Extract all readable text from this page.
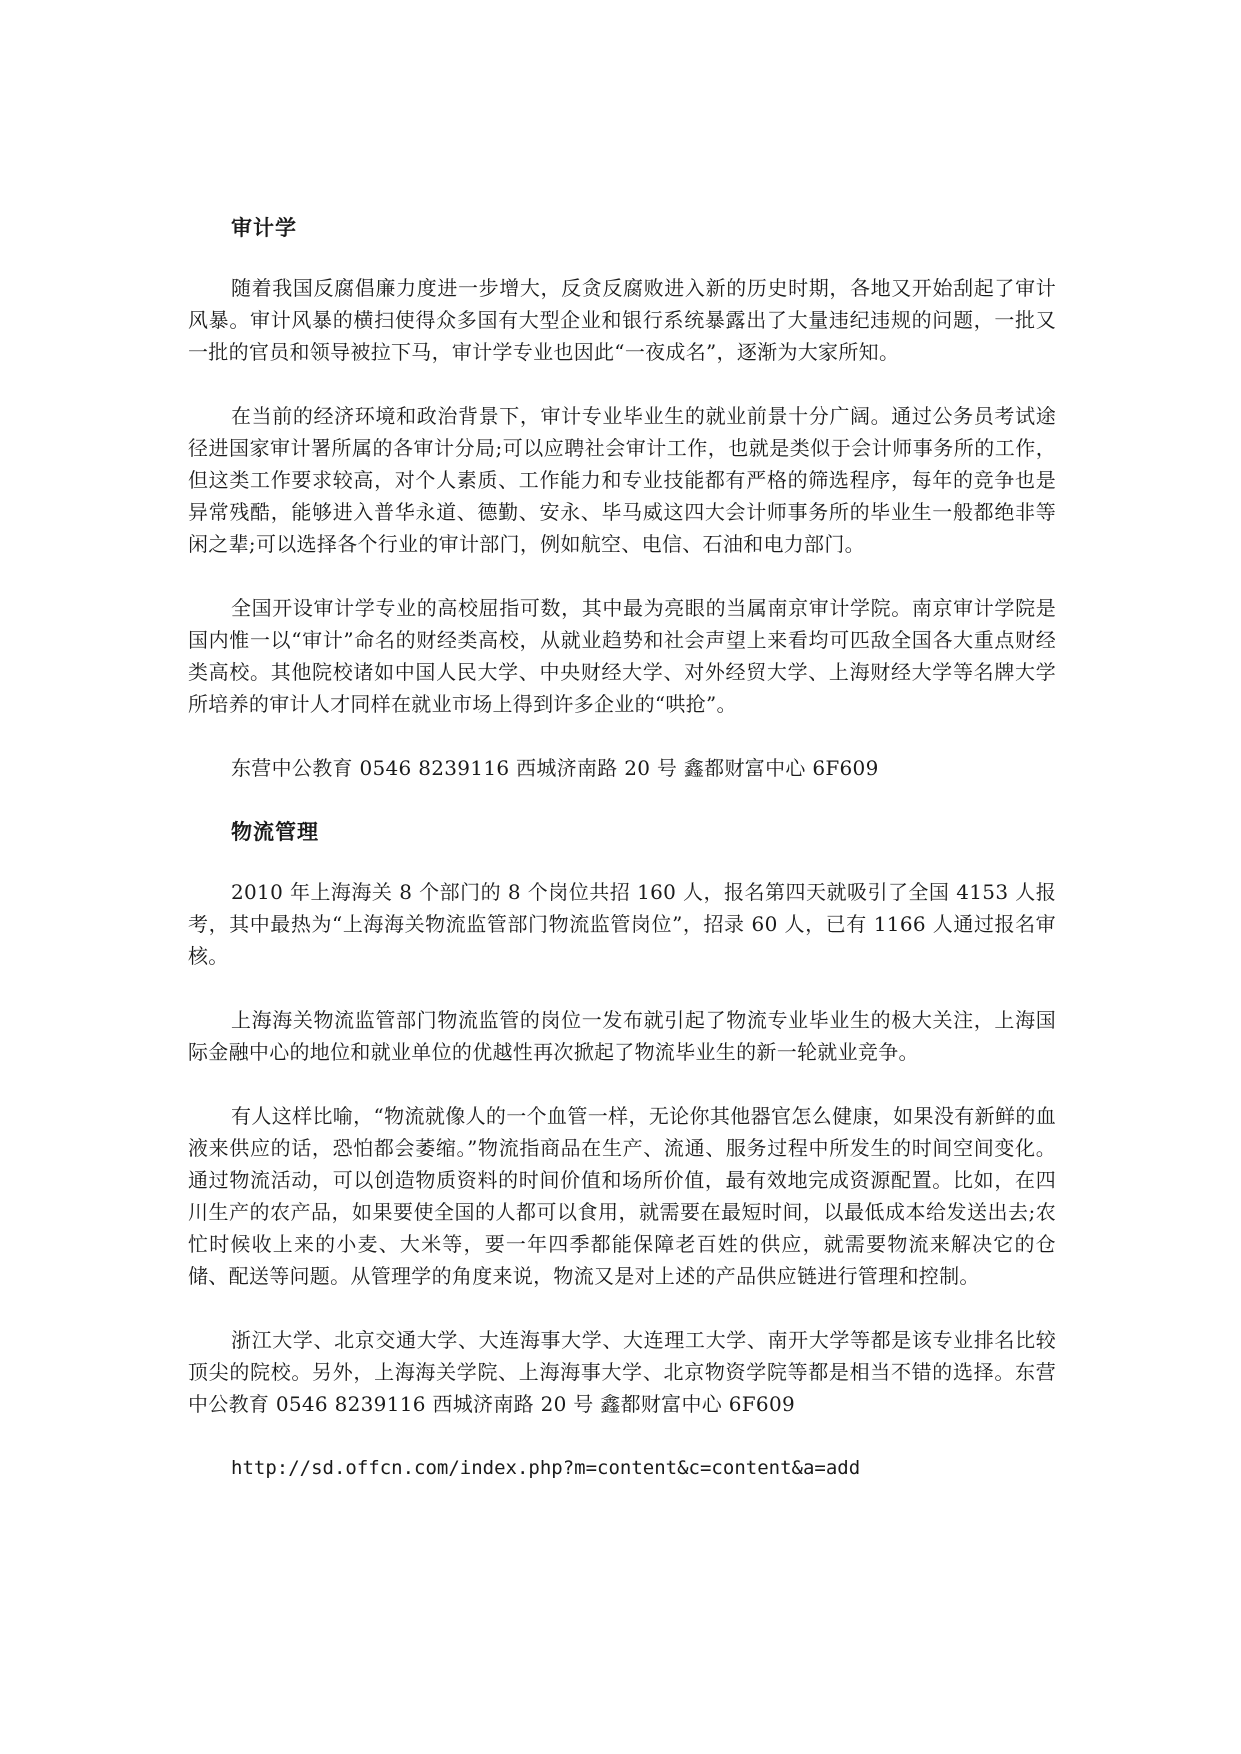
审计学

随着我国反腐倡廉力度进一步增大，反贪反腐败进入新的历史时期，各地又开始刮起了审计风暴。审计风暴的横扫使得众多国有大型企业和银行系统暴露出了大量违纪违规的问题，一批又一批的官员和领导被拉下马，审计学专业也因此“一夜成名”，逐渐为大家所知。

在当前的经济环境和政治背景下，审计专业毕业生的就业前景十分广阔。通过公务员考试途径进国家审计署所属的各审计分局;可以应聘社会审计工作，也就是类似于会计师事务所的工作，但这类工作要求较高，对个人素质、工作能力和专业技能都有严格的筛选程序，每年的竞争也是异常残酷，能够进入普华永道、德勤、安永、毕马威这四大会计师事务所的毕业生一般都绝非等闲之辈;可以选择各个行业的审计部门，例如航空、电信、石油和电力部门。

全国开设审计学专业的高校屈指可数，其中最为亮眼的当属南京审计学院。南京审计学院是国内惟一以“审计”命名的财经类高校，从就业趋势和社会声望上来看均可匹敌全国各大重点财经类高校。其他院校诸如中国人民大学、中央财经大学、对外经贸大学、上海财经大学等名牌大学所培养的审计人才同样在就业市场上得到许多企业的“哄抢”。

东营中公教育 0546 8239116 西城济南路 20 号 鑫都财富中心 6F609

物流管理

2010 年上海海关 8 个部门的 8 个岗位共招 160 人，报名第四天就吸引了全国 4153 人报考，其中最热为“上海海关物流监管部门物流监管岗位”，招录 60 人，已有 1166 人通过报名审核。

上海海关物流监管部门物流监管的岗位一发布就引起了物流专业毕业生的极大关注，上海国际金融中心的地位和就业单位的优越性再次掀起了物流毕业生的新一轮就业竞争。

有人这样比喻，“物流就像人的一个血管一样，无论你其他器官怎么健康，如果没有新鲜的血液来供应的话，恐怕都会萎缩。”物流指商品在生产、流通、服务过程中所发生的时间空间变化。通过物流活动，可以创造物质资料的时间价值和场所价值，最有效地完成资源配置。比如，在四川生产的农产品，如果要使全国的人都可以食用，就需要在最短时间，以最低成本给发送出去;农忙时候收上来的小麦、大米等，要一年四季都能保障老百姓的供应，就需要物流来解决它的仓储、配送等问题。从管理学的角度来说，物流又是对上述的产品供应链进行管理和控制。

浙江大学、北京交通大学、大连海事大学、大连理工大学、南开大学等都是该专业排名比较顶尖的院校。另外，上海海关学院、上海海事大学、北京物资学院等都是相当不错的选择。东营中公教育 0546 8239116 西城济南路 20 号 鑫都财富中心 6F609

http://sd.offcn.com/index.php?m=content&c=content&a=add
